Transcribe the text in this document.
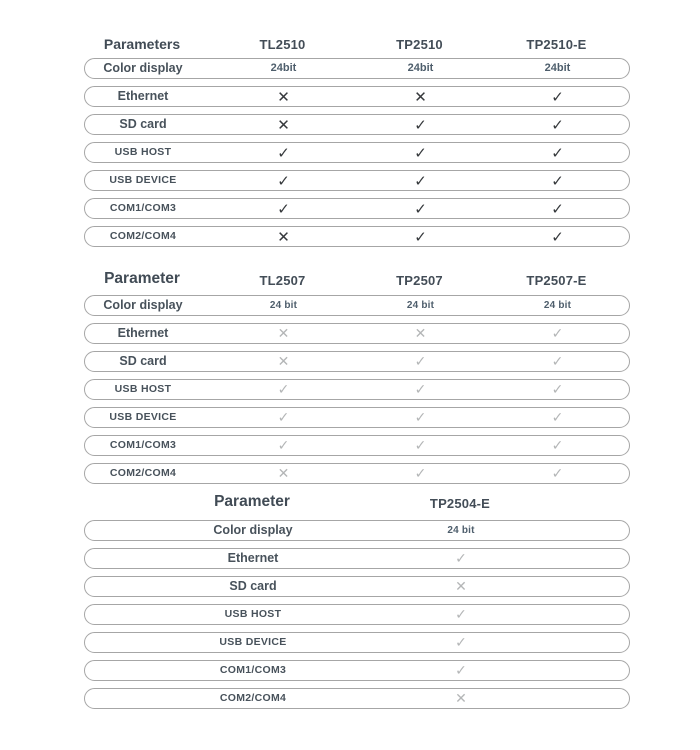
Parameters	TL2510	TP2510	TP2510-E
Color display	24bit	24bit	24bit
Ethernet	✕	✕	✓
SD card	✕	✓	✓
USB HOST	✓	✓	✓
USB DEVICE	✓	✓	✓
COM1/COM3	✓	✓	✓
COM2/COM4	✕	✓	✓
Parameter	TL2507	TP2507	TP2507-E
Color display	24 bit	24 bit	24 bit
Ethernet	✕	✕	✓
SD card	✕	✓	✓
USB HOST	✓	✓	✓
USB DEVICE	✓	✓	✓
COM1/COM3	✓	✓	✓
COM2/COM4	✕	✓	✓
Parameter	TP2504-E
Color display	24 bit
Ethernet	✓
SD card	✕
USB HOST	✓
USB DEVICE	✓
COM1/COM3	✓
COM2/COM4	✕
